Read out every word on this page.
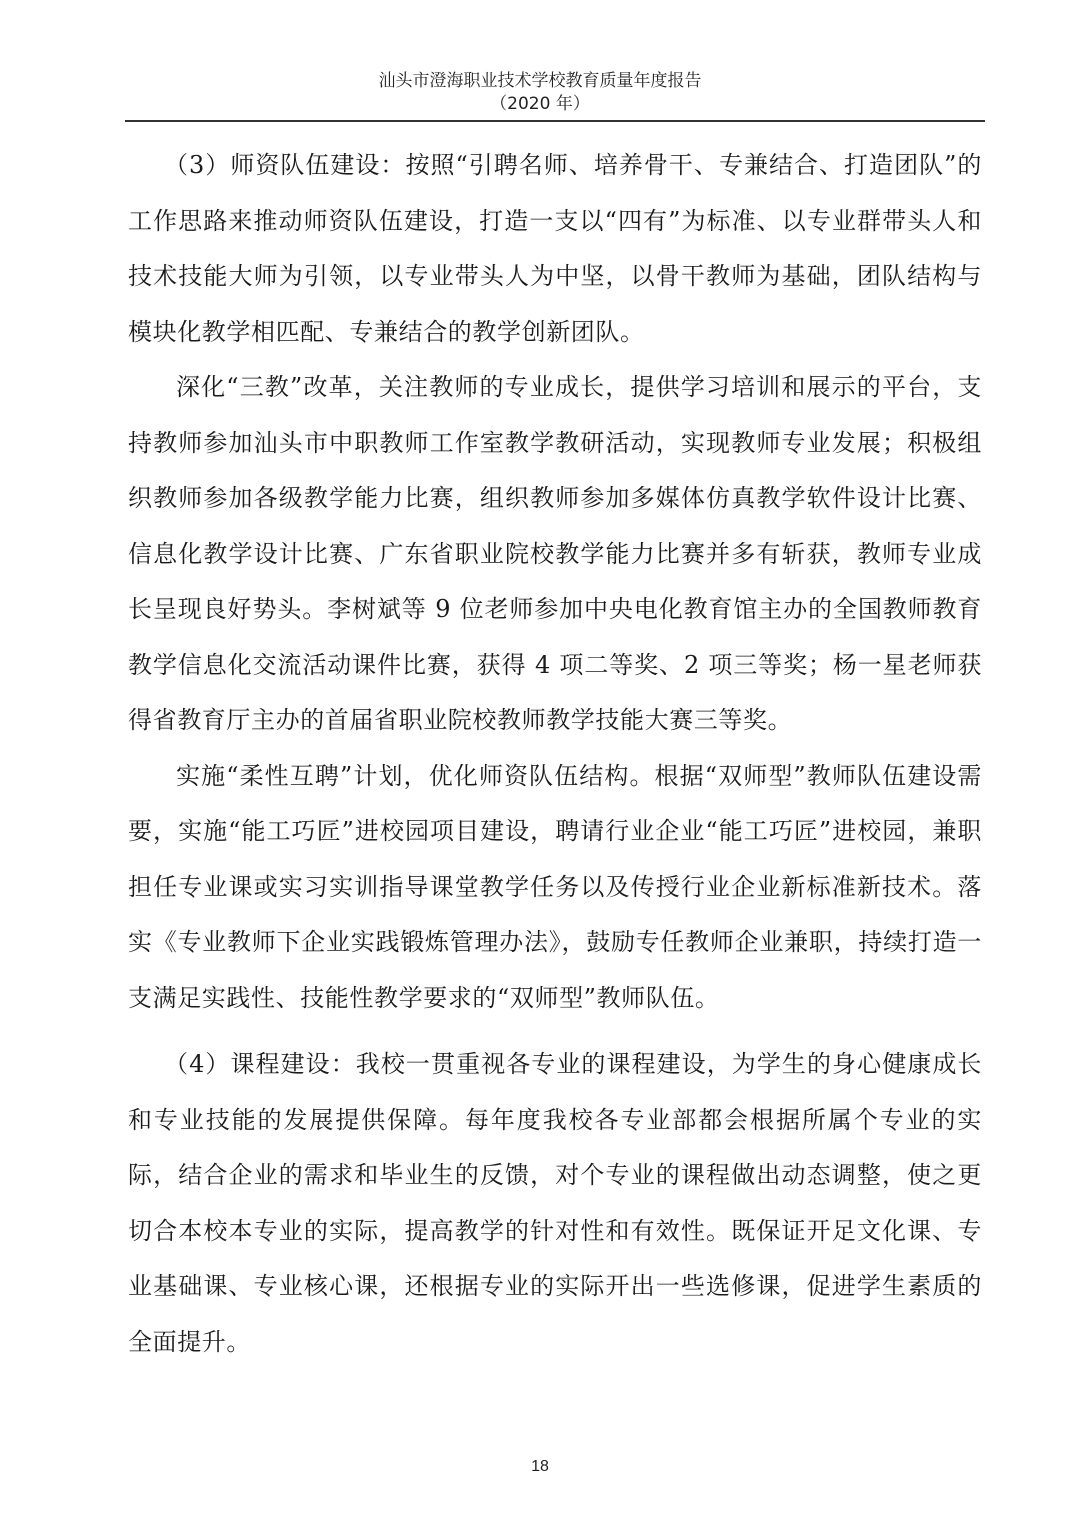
汕头市澄海职业技术学校教育质量年度报告
（2020 年）

（3）师资队伍建设：按照“引聘名师、培养骨干、专兼结合、打造团队”的工作思路来推动师资队伍建设，打造一支以“四有”为标准、以专业群带头人和技术技能大师为引领，以专业带头人为中坚，以骨干教师为基础，团队结构与模块化教学相匹配、专兼结合的教学创新团队。

深化“三教”改革，关注教师的专业成长，提供学习培训和展示的平台，支持教师参加汕头市中职教师工作室教学教研活动，实现教师专业发展；积极组织教师参加各级教学能力比赛，组织教师参加多媒体仿真教学软件设计比赛、信息化教学设计比赛、广东省职业院校教学能力比赛并多有斩获，教师专业成长呈现良好势头。李树斌等 9 位老师参加中央电化教育馆主办的全国教师教育教学信息化交流活动课件比赛，获得 4 项二等奖、2 项三等奖；杨一星老师获得省教育厅主办的首届省职业院校教师教学技能大赛三等奖。

实施“柔性互聘”计划，优化师资队伍结构。根据“双师型”教师队伍建设需要，实施“能工巧匠”进校园项目建设，聘请行业企业“能工巧匠”进校园，兼职担任专业课或实习实训指导课堂教学任务以及传授行业企业新标准新技术。落实《专业教师下企业实践锻炼管理办法》，鼓励专任教师企业兼职，持续打造一支满足实践性、技能性教学要求的“双师型”教师队伍。

（4）课程建设：我校一贯重视各专业的课程建设，为学生的身心健康成长和专业技能的发展提供保障。每年度我校各专业部都会根据所属个专业的实际，结合企业的需求和毕业生的反馈，对个专业的课程做出动态调整，使之更切合本校本专业的实际，提高教学的针对性和有效性。既保证开足文化课、专业基础课、专业核心课，还根据专业的实际开出一些选修课，促进学生素质的全面提升。

18
